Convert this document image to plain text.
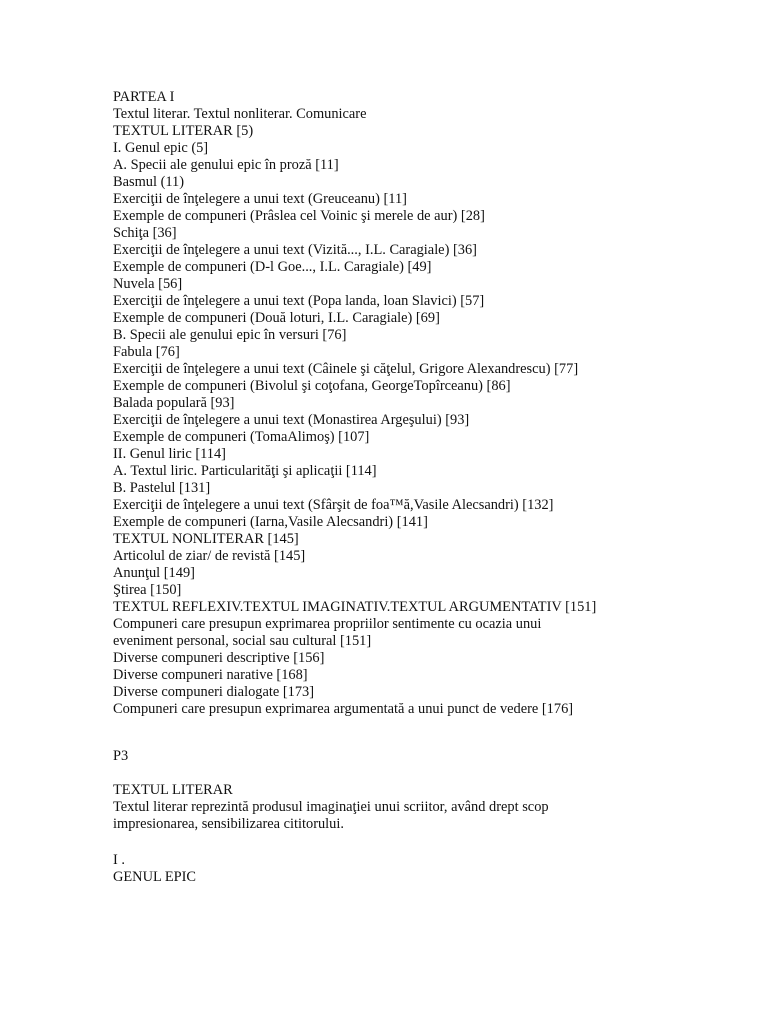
PARTEA I
Textul literar. Textul nonliterar. Comunicare
TEXTUL LITERAR [5)
I. Genul epic (5]
A. Specii ale genului epic în proză [11]
Basmul (11)
Exerciţii de înţelegere a unui text (Greuceanu) [11]
Exemple de compuneri (Prâslea cel Voinic şi merele de aur) [28]
Schiţa [36]
Exerciţii de înţelegere a unui text (Vizită..., I.L. Caragiale) [36]
Exemple de compuneri (D-l Goe..., I.L. Caragiale) [49]
Nuvela [56]
Exerciţii de înţelegere a unui text (Popa landa, loan Slavici) [57]
Exemple de compuneri (Două loturi, I.L. Caragiale) [69]
B. Specii ale genului epic în versuri [76]
Fabula [76]
Exerciţii de înţelegere a unui text (Câinele şi căţelul, Grigore Alexandrescu) [77]
Exemple de compuneri (Bivolul şi coţofana, GeorgeTopîrceanu) [86]
Balada populară [93]
Exerciţii de înţelegere a unui text (Monastirea Argeşului) [93]
Exemple de compuneri (TomaAlimoş) [107]
II. Genul liric [114]
A. Textul liric. Particularităţi şi aplicaţii [114]
B. Pastelul [131]
Exerciţii de înţelegere a unui text (Sfârşit de foa™ă,Vasile Alecsandri) [132]
Exemple de compuneri (Iarna,Vasile Alecsandri) [141]
TEXTUL NONLITERAR [145]
Articolul de ziar/ de revistă [145]
Anunţul [149]
Ştirea [150]
TEXTUL REFLEXIV.TEXTUL IMAGINATIV.TEXTUL ARGUMENTATIV [151]
Compuneri care presupun exprimarea propriilor sentimente cu ocazia unui
eveniment personal, social sau cultural [151]
Diverse compuneri descriptive [156]
Diverse compuneri narative [168]
Diverse compuneri dialogate [173]
Compuneri care presupun exprimarea argumentată a unui punct de vedere [176]
P3
TEXTUL LITERAR
Textul literar reprezintă produsul imaginaţiei unui scriitor, având drept scop
impresionarea, sensibilizarea cititorului.
I .
GENUL EPIC
